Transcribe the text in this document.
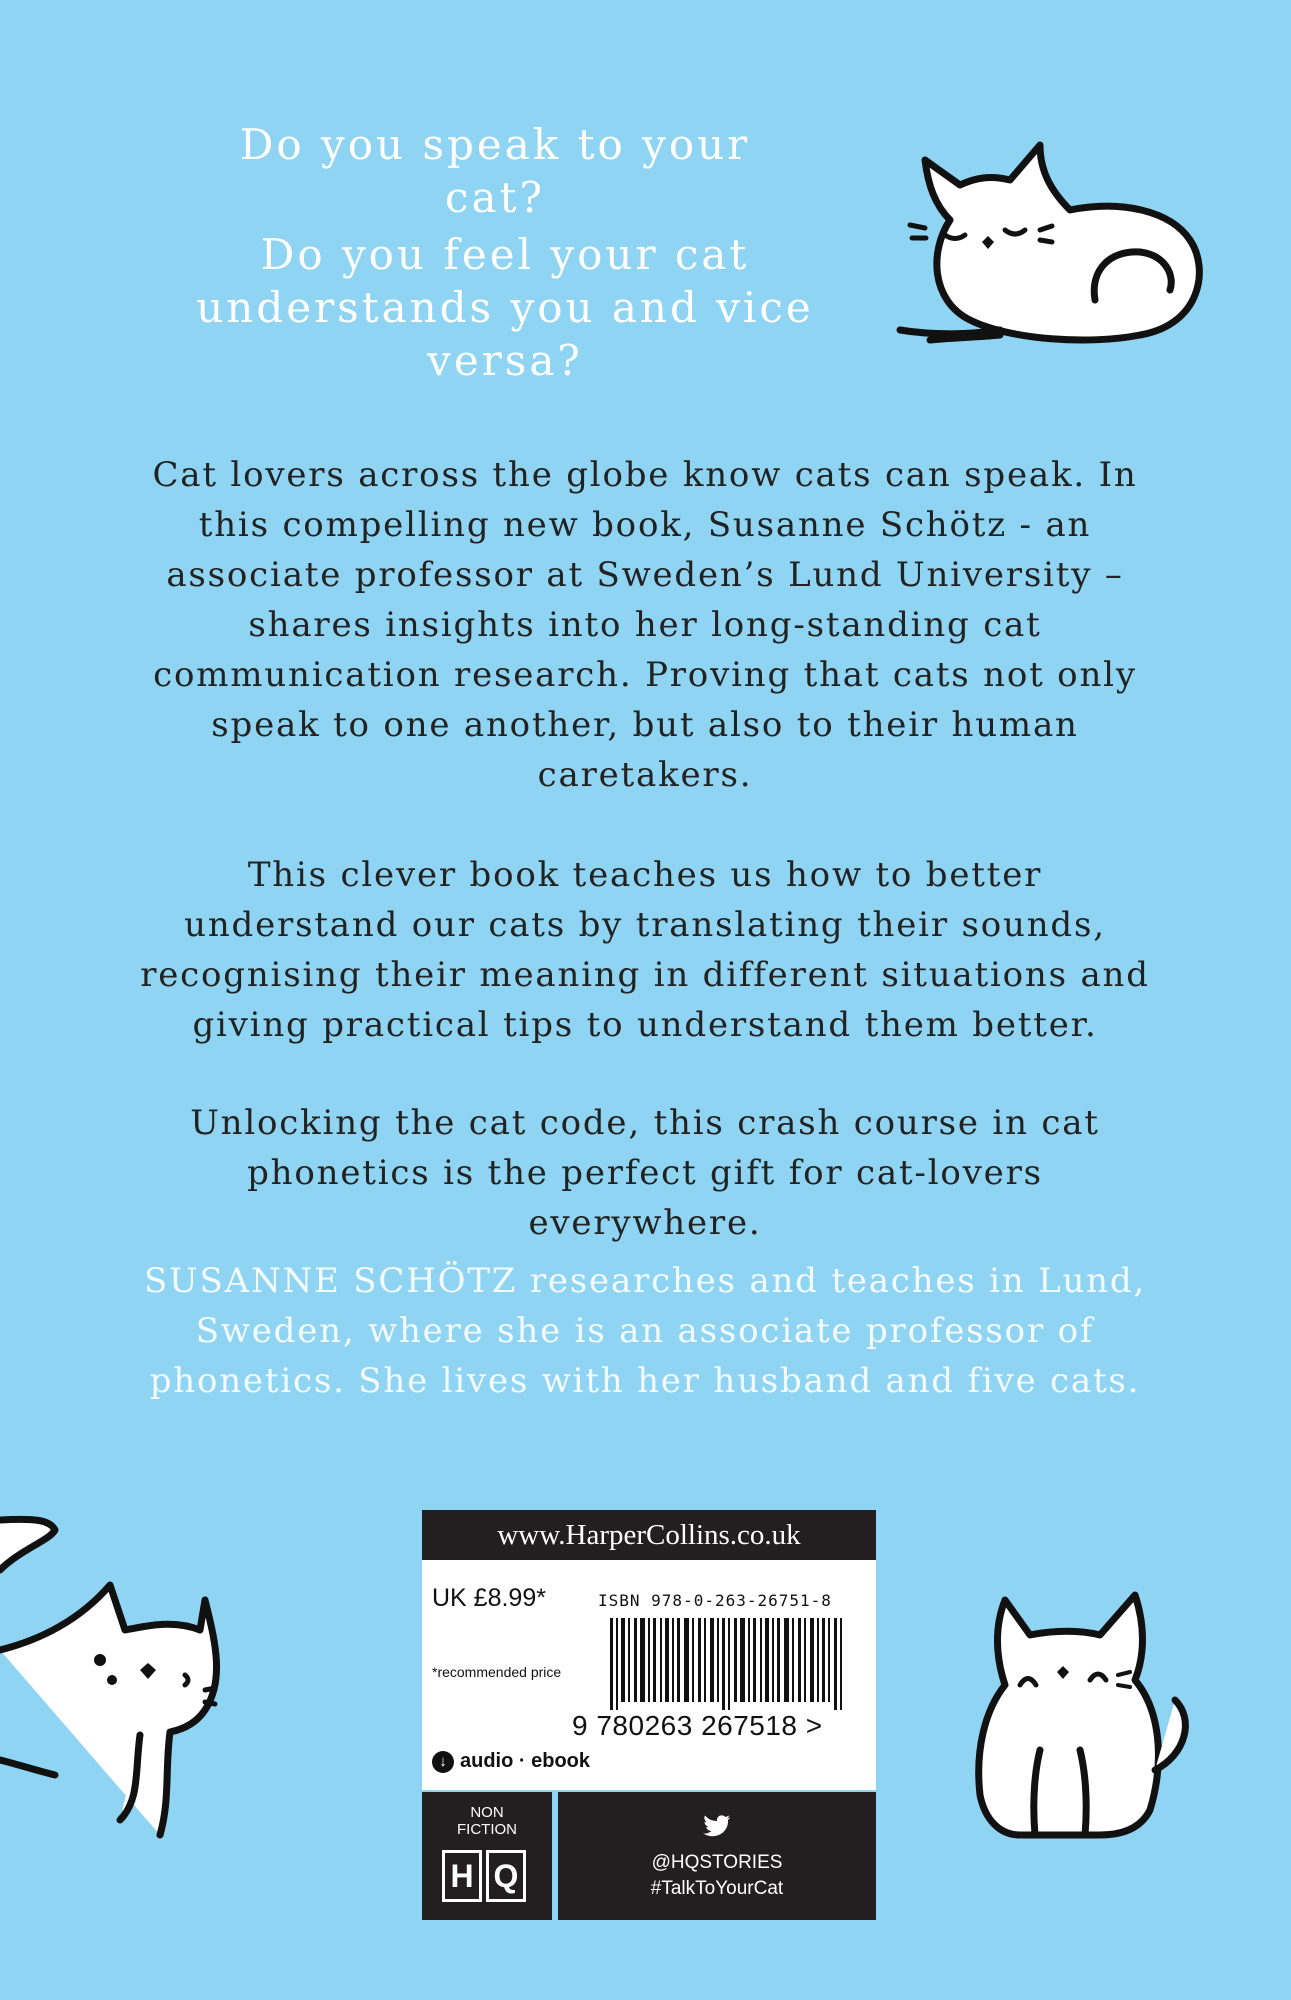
Do you speak to your cat?
Do you feel your cat understands you and vice versa?
Cat lovers across the globe know cats can speak. In this compelling new book, Susanne Schötz - an associate professor at Sweden’s Lund University – shares insights into her long-standing cat communication research. Proving that cats not only speak to one another, but also to their human caretakers.
This clever book teaches us how to better understand our cats by translating their sounds, recognising their meaning in different situations and giving practical tips to understand them better.
Unlocking the cat code, this crash course in cat phonetics is the perfect gift for cat-lovers everywhere.
SUSANNE SCHÖTZ researches and teaches in Lund, Sweden, where she is an associate professor of phonetics. She lives with her husband and five cats.
www.HarperCollins.co.uk
UK £8.99*
*recommended price
ISBN 978-0-263-26751-8
9 780263 267518 >
↓ audio · ebook
NON
FICTION
H Q	@HQSTORIES
#TalkToYourCat
